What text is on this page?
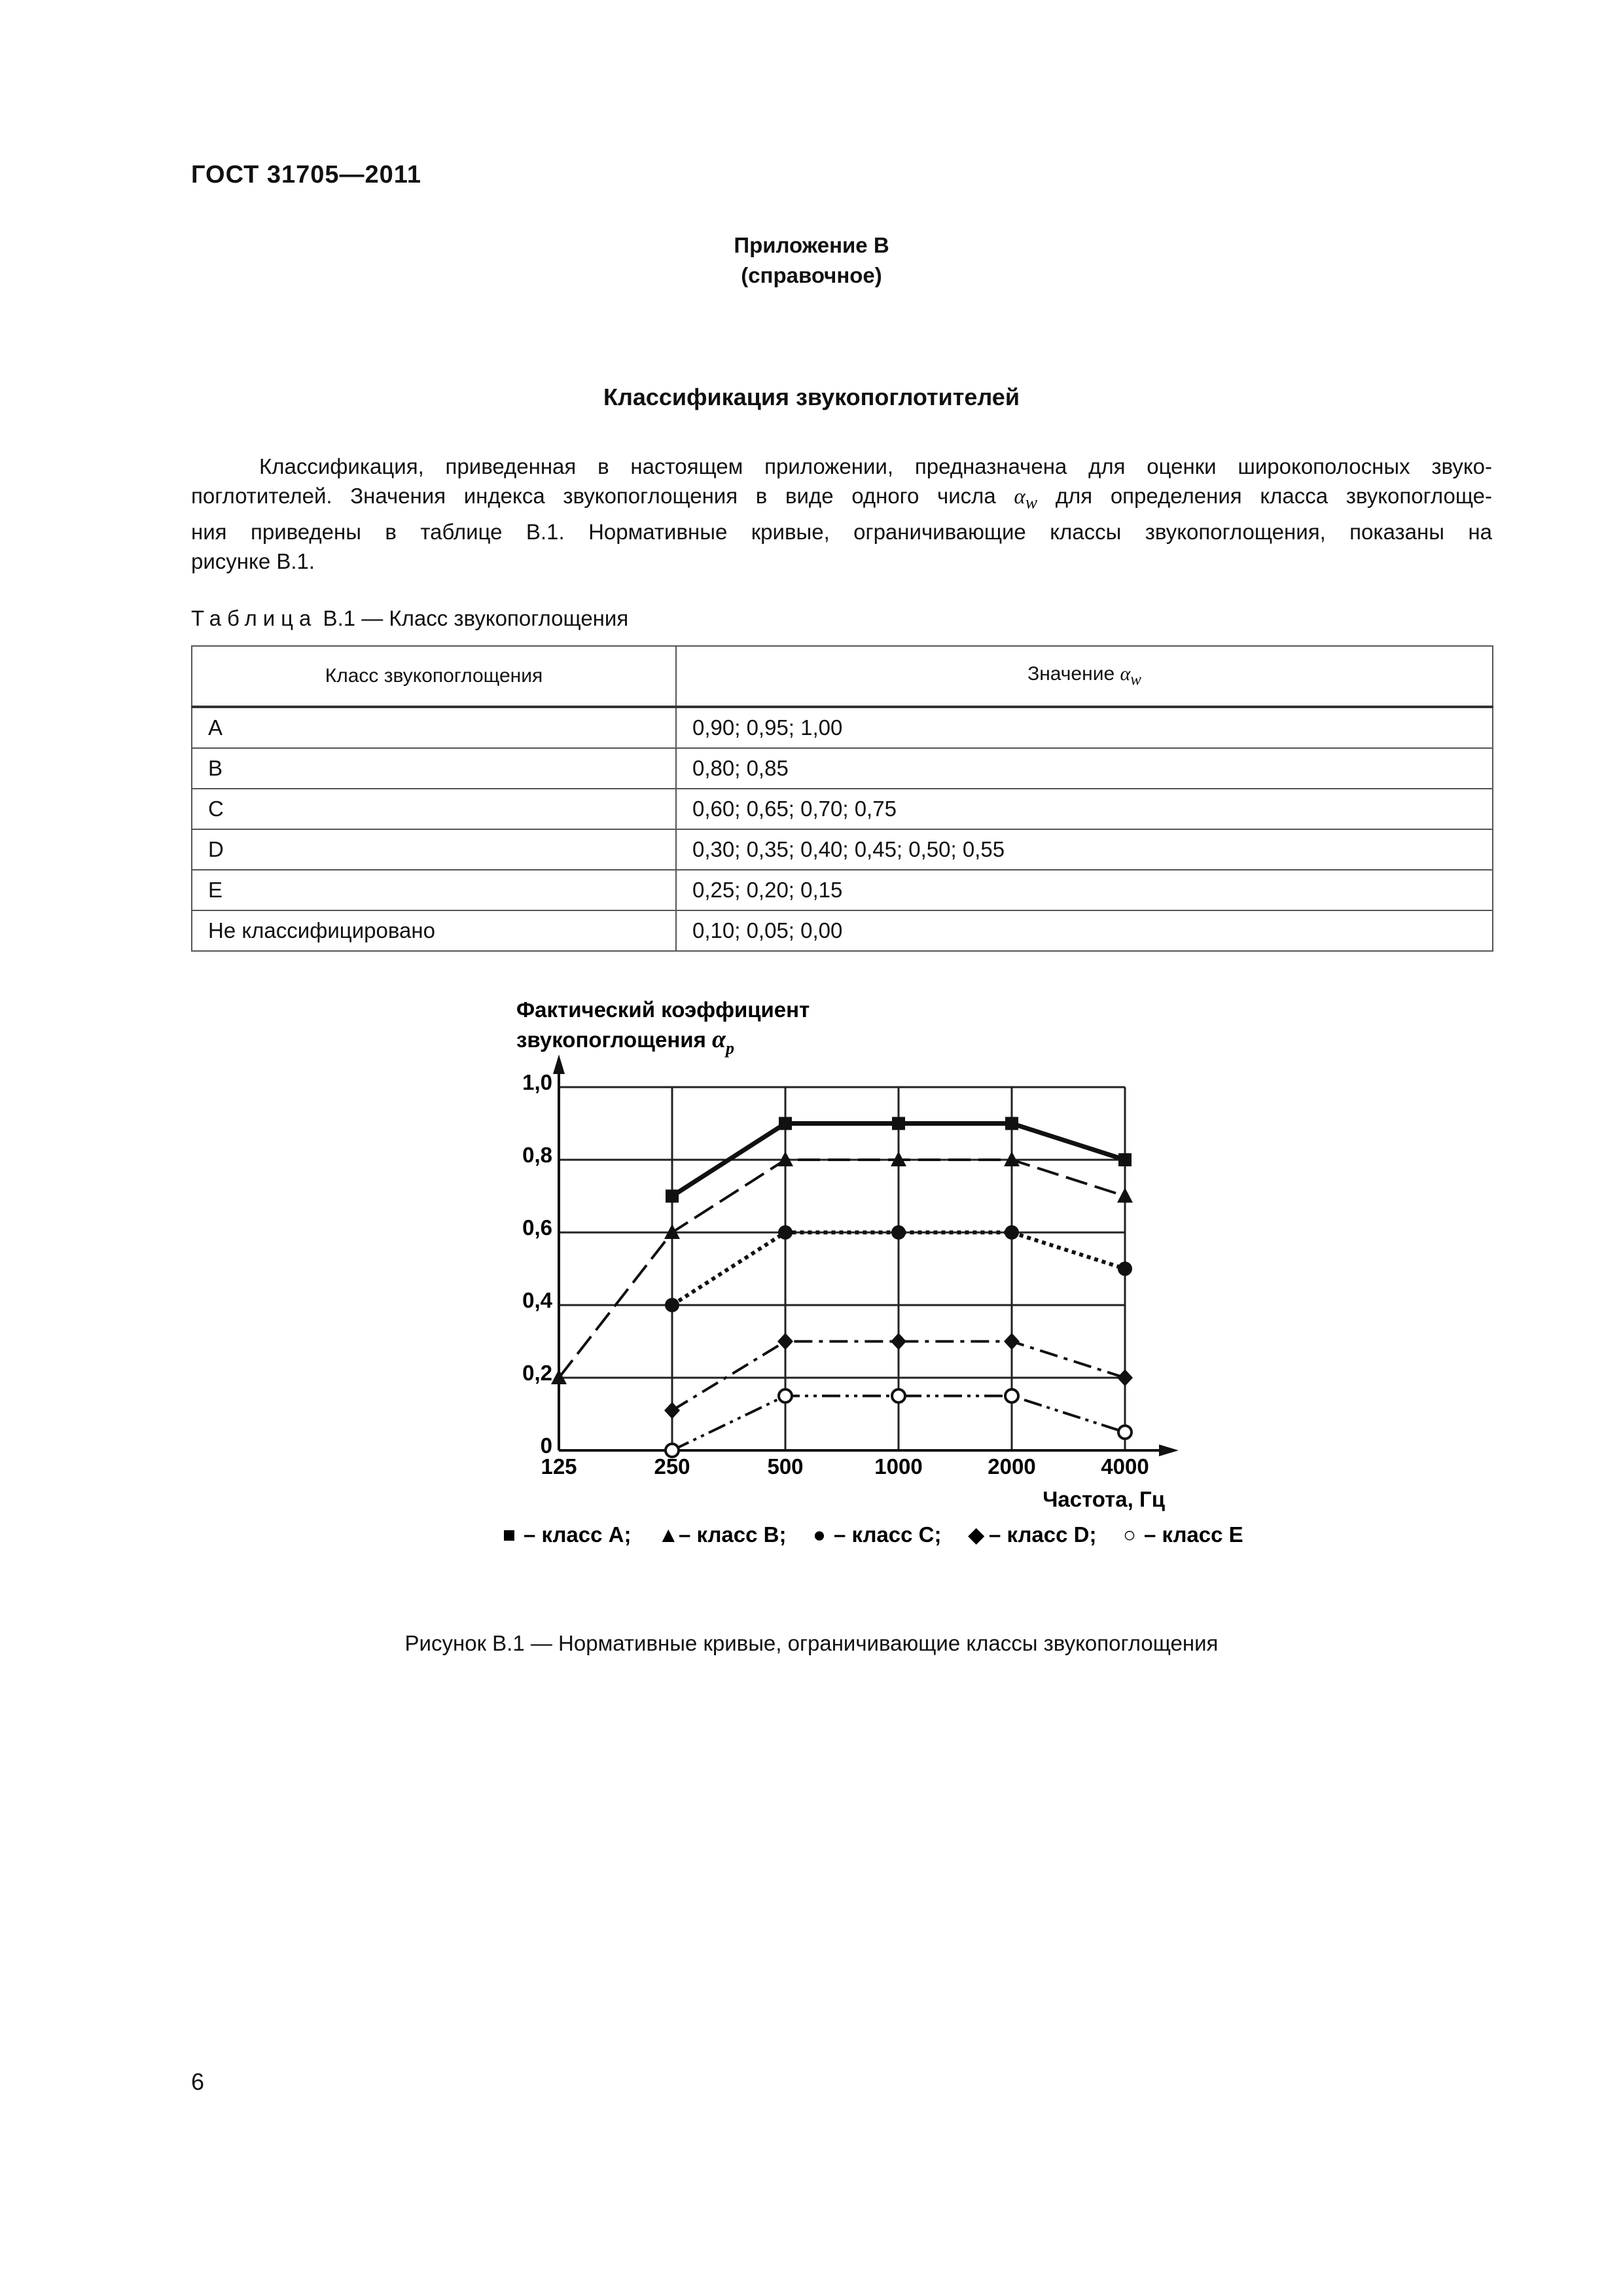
ГОСТ 31705—2011
Приложение В
(справочное)
Классификация звукопоглотителей
Классификация, приведенная в настоящем приложении, предназначена для оценки широкополосных звуко-
поглотителей. Значения индекса звукопоглощения в виде одного числа $\alpha_w$ для определения класса звукопоглоще-
ния приведены в таблице В.1. Нормативные кривые, ограничивающие классы звукопоглощения, показаны на
рисунке В.1.
Таблица В.1 — Класс звукопоглощения
Класс звукопоглощения	Значение $\alpha_w$
А	0,90; 0,95; 1,00
В	0,80; 0,85
С	0,60; 0,65; 0,70; 0,75
D	0,30; 0,35; 0,40; 0,45; 0,50; 0,55
Е	0,25; 0,20; 0,15
Не классифицировано	0,10; 0,05; 0,00
Фактический коэффициент
звукопоглощения $\alpha_p$
0
0,2
0,4
0,6
0,8
1,0
125	250	500	1000	2000	4000
Частота, Гц
■ – класс А; ▲ – класс В; ● – класс С; ◆ – класс D; ○ – класс Е
Рисунок В.1 — Нормативные кривые, ограничивающие классы звукопоглощения
6
